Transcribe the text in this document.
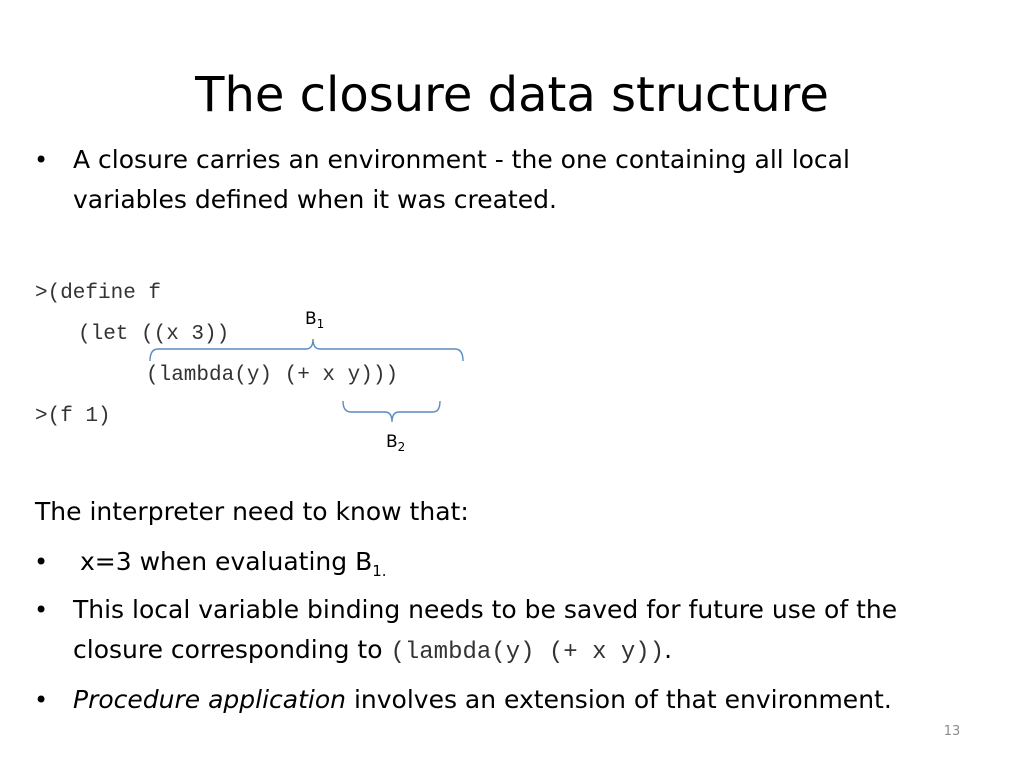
The closure data structure
• A closure carries an environment - the one containing all local
variables defined when it was created.
>(define f
(let ((x 3))
(lambda(y) (+ x y)))
>(f 1)
$B_1$
$B_2$
The interpreter need to know that:
• x=3 when evaluating $B_{1.}$
• This local variable binding needs to be saved for future use of the
closure corresponding to (lambda(y) (+ x y)).
• Procedure application involves an extension of that environment.
13
